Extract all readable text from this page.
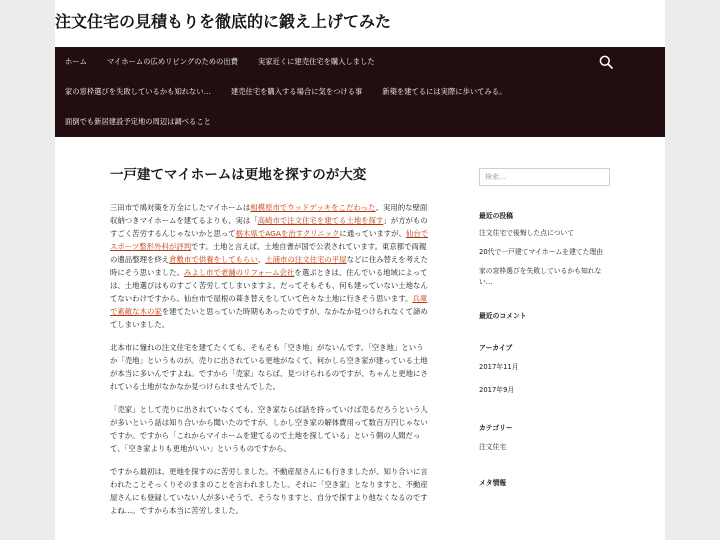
注文住宅の見積もりを徹底的に鍛え上げてみた
ホーム	マイホームの広めリビングのための出費	実家近くに建売住宅を購入しました
家の窓枠選びを失敗しているかも知れない…	建売住宅を購入する場合に気をつける事	新築を建てるには実際に歩いてみる。
面倒でも新居建設予定地の周辺は調べること
一戸建てマイホームは更地を探すのが大変

三田市で鳩対策を万全にしたマイホームは相模原市でウッドデッキをこだわった、実用的な壁面収納つきマイホームを建てるよりも、実は「高崎市で注文住宅を建てる土地を探す」が方がものすごく苦労するんじゃないかと思って栃木県でAGAを治すクリニックに通っていますが、仙台でスポーツ整形外科が評判です。土地と言えば、土地自書が国で公表されています。東京都で両親の遺品整理を終え倉敷市で供養をしてもらい、土浦市の注文住宅の平屋などに住み替えを考えた時にそう思いました。みよし市で老舗のリフォーム会社を選ぶときは、住んでいる地域によっては、土地選びはものすごく苦労してしまいますよ。だってそもそも、何も建っていない土地なんてないわけですから。仙台市で屋根の葺き替えをしていて色々な土地に行きそう思います。兵庫で素敵な木の家を建てたいと思っていた時期もあったのですが、なかなか見つけられなくて諦めてしまいました。

北本市に憧れの注文住宅を建てたくても、そもそも「空き地」がないんです。「空き地」というか「売地」というものが。売りに出されている更地がなくて、何かしら空き家が建っている土地が本当に多いんですよね。ですから「売家」ならば、見つけられるのですが、ちゃんと更地にされている土地がなかなか見つけられませんでした。

「売家」として売りに出されていなくても、空き家ならば話を持っていけば売るだろうという人が多いという話は知り合いから聞いたのですが、しかし空き家の解体費用って数百万円じゃないですか。ですから「これからマイホームを建てるので土地を探している」という側の人間だって、「空き家よりも更地がいい」というものですから。

ですから最初は、更地を探すのに苦労しました。不動産屋さんにも行きましたが、知り合いに言われたことそっくりそのままのことを言われましたし。それに「空き家」となりますと、不動産屋さんにも登録していない人が多いそうで、そうなりますと、自分で探すより他なくなるのですよね…。ですから本当に苦労しました。

検索…
最近の投稿
注文住宅で後悔した点について
20代で一戸建てマイホームを建てた理由
家の窓枠選びを失敗しているかも知れない…
最近のコメント
アーカイブ
2017年11月
2017年9月
カテゴリー
注文住宅
メタ情報
